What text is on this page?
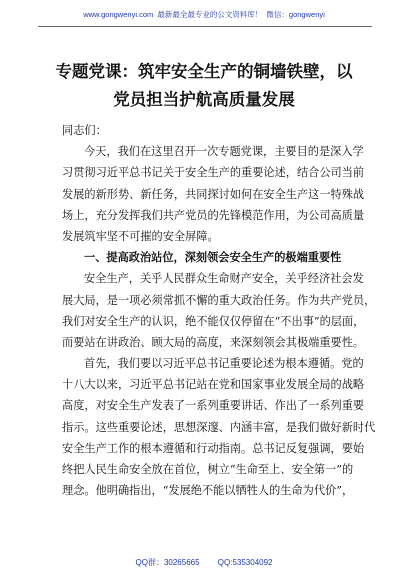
www.gongwenyi.com 最新最全最专业的公文资料库！ 微信：gongwenyi
专题党课：筑牢安全生产的铜墙铁壁，以
党员担当护航高质量发展
同志们：
今天，我们在这里召开一次专题党课，主要目的是深入学
习贯彻习近平总书记关于安全生产的重要论述，结合公司当前
发展的新形势、新任务，共同探讨如何在安全生产这一特殊战
场上，充分发挥我们共产党员的先锋模范作用，为公司高质量
发展筑牢坚不可摧的安全屏障。
一、提高政治站位，深刻领会安全生产的极端重要性
安全生产，关乎人民群众生命财产安全，关乎经济社会发
展大局，是一项必须常抓不懈的重大政治任务。作为共产党员，
我们对安全生产的认识，绝不能仅仅停留在“不出事”的层面，
而要站在讲政治、顾大局的高度，来深刻领会其极端重要性。
首先，我们要以习近平总书记重要论述为根本遵循。党的
十八大以来，习近平总书记站在党和国家事业发展全局的战略
高度，对安全生产发表了一系列重要讲话、作出了一系列重要
指示。这些重要论述，思想深邃、内涵丰富，是我们做好新时代
安全生产工作的根本遵循和行动指南。总书记反复强调，要始
终把人民生命安全放在首位，树立“生命至上、安全第一”的
理念。他明确指出，“发展绝不能以牺牲人的生命为代价”，
QQ群：30265665 QQ:535304092
